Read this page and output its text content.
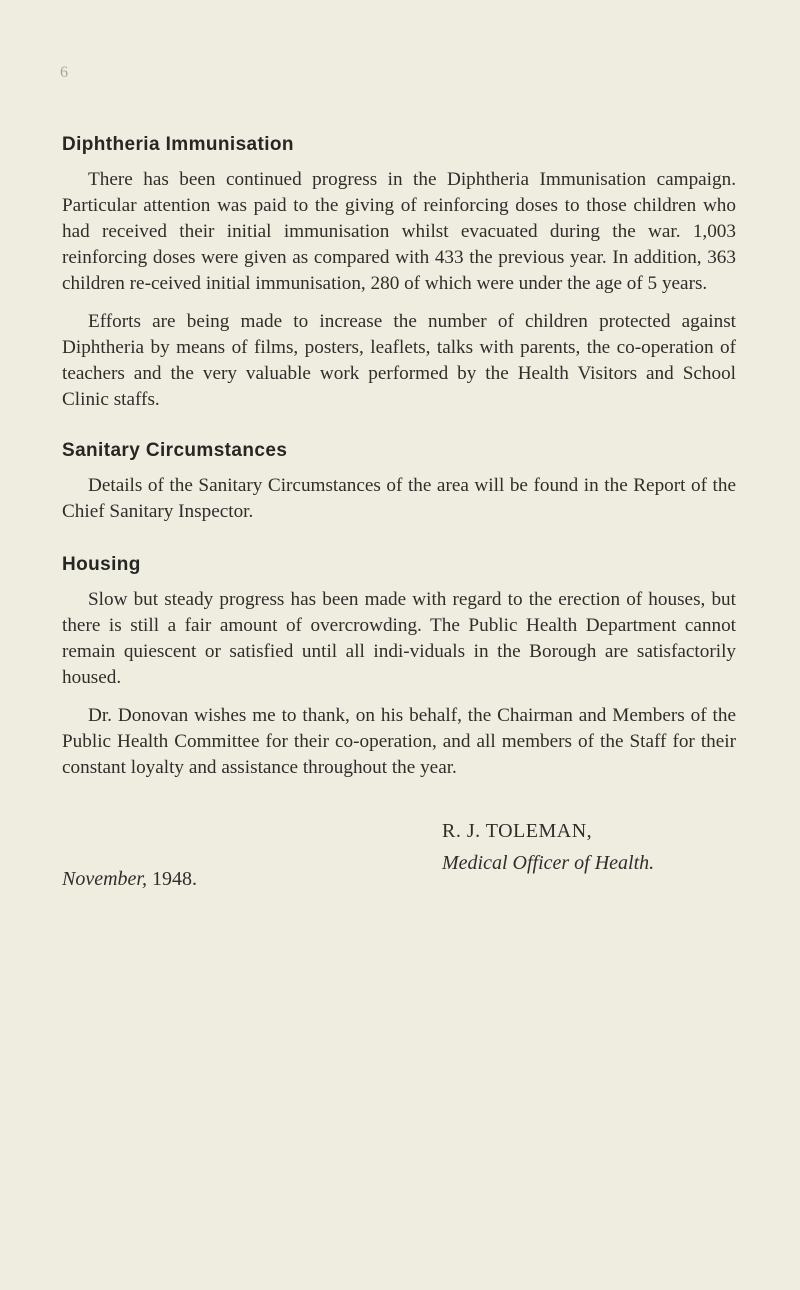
6
Diphtheria Immunisation

There has been continued progress in the Diphtheria Immunisation campaign. Particular attention was paid to the giving of reinforcing doses to those children who had received their initial immunisation whilst evacuated during the war. 1,003 reinforcing doses were given as compared with 433 the previous year. In addition, 363 children re-ceived initial immunisation, 280 of which were under the age of 5 years.

Efforts are being made to increase the number of children protected against Diphtheria by means of films, posters, leaflets, talks with parents, the co-operation of teachers and the very valuable work performed by the Health Visitors and School Clinic staffs.

Sanitary Circumstances

Details of the Sanitary Circumstances of the area will be found in the Report of the Chief Sanitary Inspector.

Housing

Slow but steady progress has been made with regard to the erection of houses, but there is still a fair amount of overcrowding. The Public Health Department cannot remain quiescent or satisfied until all indi-viduals in the Borough are satisfactorily housed.

Dr. Donovan wishes me to thank, on his behalf, the Chairman and Members of the Public Health Committee for their co-operation, and all members of the Staff for their constant loyalty and assistance throughout the year.

R. J. TOLEMAN,
Medical Officer of Health.
November, 1948.
